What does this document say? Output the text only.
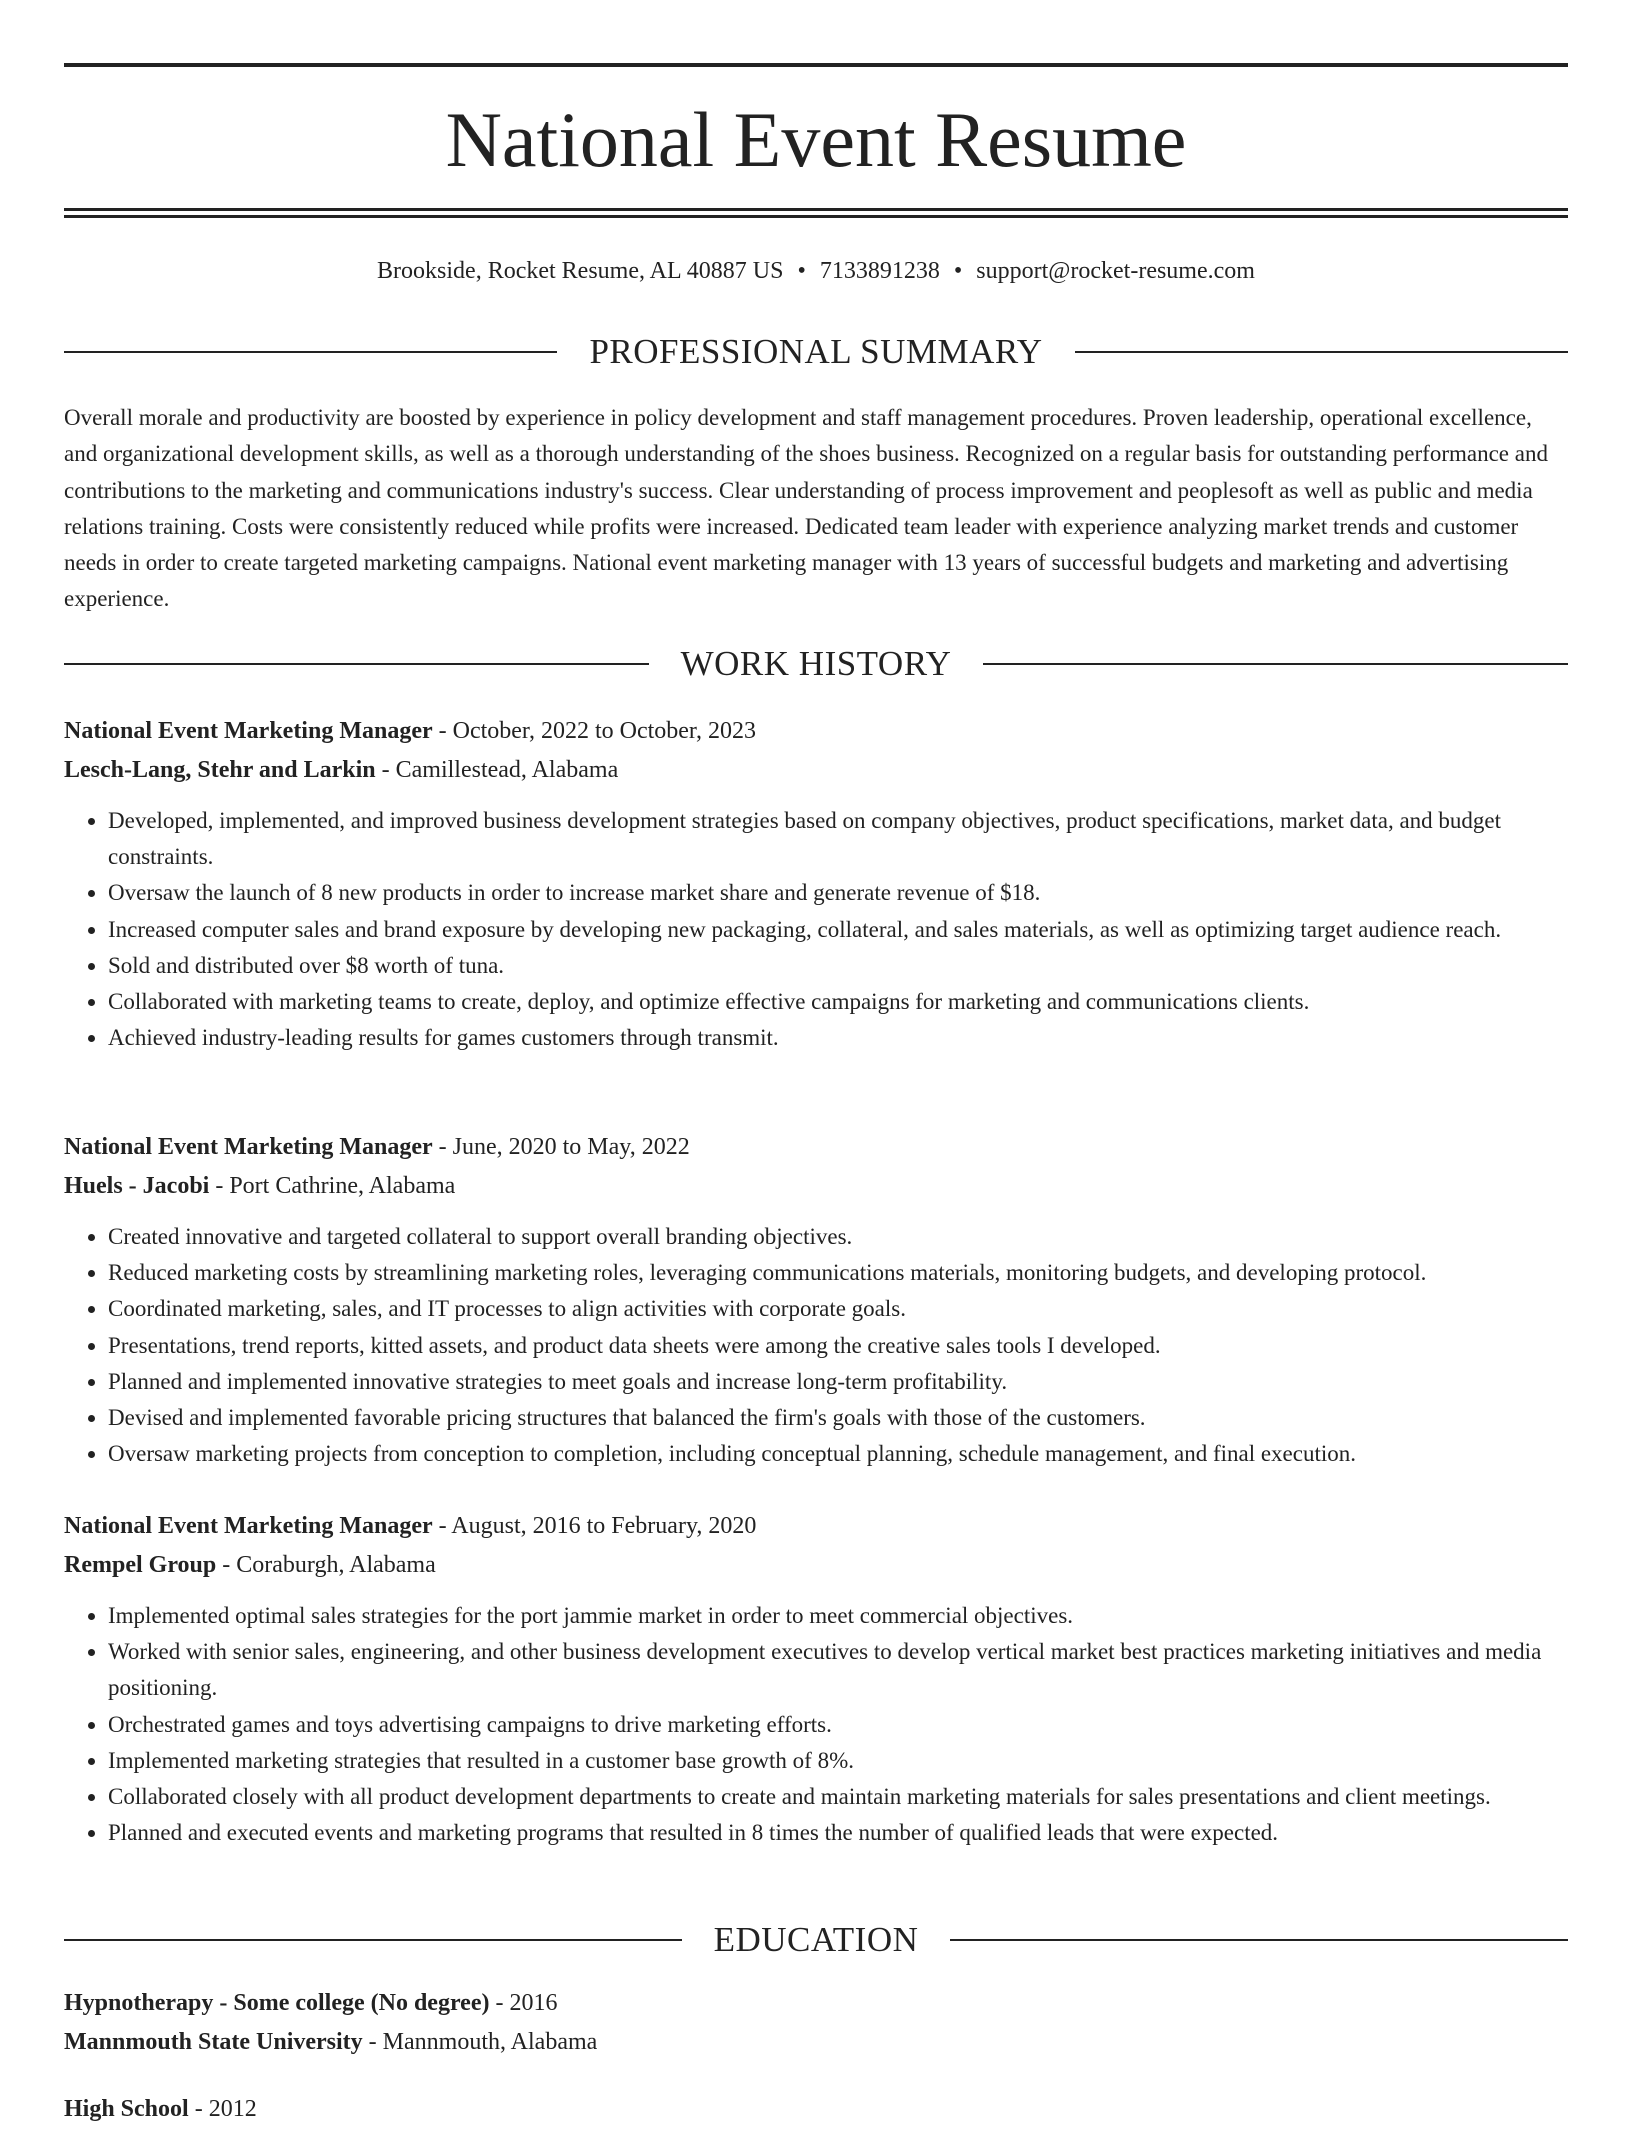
National Event Resume
Brookside, Rocket Resume, AL 40887 US • 7133891238 • support@rocket-resume.com
PROFESSIONAL SUMMARY

Overall morale and productivity are boosted by experience in policy development and staff management procedures. Proven leadership, operational excellence, and organizational development skills, as well as a thorough understanding of the shoes business. Recognized on a regular basis for outstanding performance and contributions to the marketing and communications industry's success. Clear understanding of process improvement and peoplesoft as well as public and media relations training. Costs were consistently reduced while profits were increased. Dedicated team leader with experience analyzing market trends and customer needs in order to create targeted marketing campaigns. National event marketing manager with 13 years of successful budgets and marketing and advertising experience.

WORK HISTORY
National Event Marketing Manager - October, 2022 to October, 2023
Lesch-Lang, Stehr and Larkin - Camillestead, Alabama
• Developed, implemented, and improved business development strategies based on company objectives, product specifications, market data, and budget constraints.
• Oversaw the launch of 8 new products in order to increase market share and generate revenue of $18.
• Increased computer sales and brand exposure by developing new packaging, collateral, and sales materials, as well as optimizing target audience reach.
• Sold and distributed over $8 worth of tuna.
• Collaborated with marketing teams to create, deploy, and optimize effective campaigns for marketing and communications clients.
• Achieved industry-leading results for games customers through transmit.
National Event Marketing Manager - June, 2020 to May, 2022
Huels - Jacobi - Port Cathrine, Alabama
• Created innovative and targeted collateral to support overall branding objectives.
• Reduced marketing costs by streamlining marketing roles, leveraging communications materials, monitoring budgets, and developing protocol.
• Coordinated marketing, sales, and IT processes to align activities with corporate goals.
• Presentations, trend reports, kitted assets, and product data sheets were among the creative sales tools I developed.
• Planned and implemented innovative strategies to meet goals and increase long-term profitability.
• Devised and implemented favorable pricing structures that balanced the firm's goals with those of the customers.
• Oversaw marketing projects from conception to completion, including conceptual planning, schedule management, and final execution.
National Event Marketing Manager - August, 2016 to February, 2020
Rempel Group - Coraburgh, Alabama
• Implemented optimal sales strategies for the port jammie market in order to meet commercial objectives.
• Worked with senior sales, engineering, and other business development executives to develop vertical market best practices marketing initiatives and media positioning.
• Orchestrated games and toys advertising campaigns to drive marketing efforts.
• Implemented marketing strategies that resulted in a customer base growth of 8%.
• Collaborated closely with all product development departments to create and maintain marketing materials for sales presentations and client meetings.
• Planned and executed events and marketing programs that resulted in 8 times the number of qualified leads that were expected.
EDUCATION
Hypnotherapy - Some college (No degree) - 2016
Mannmouth State University - Mannmouth, Alabama
High School - 2012
